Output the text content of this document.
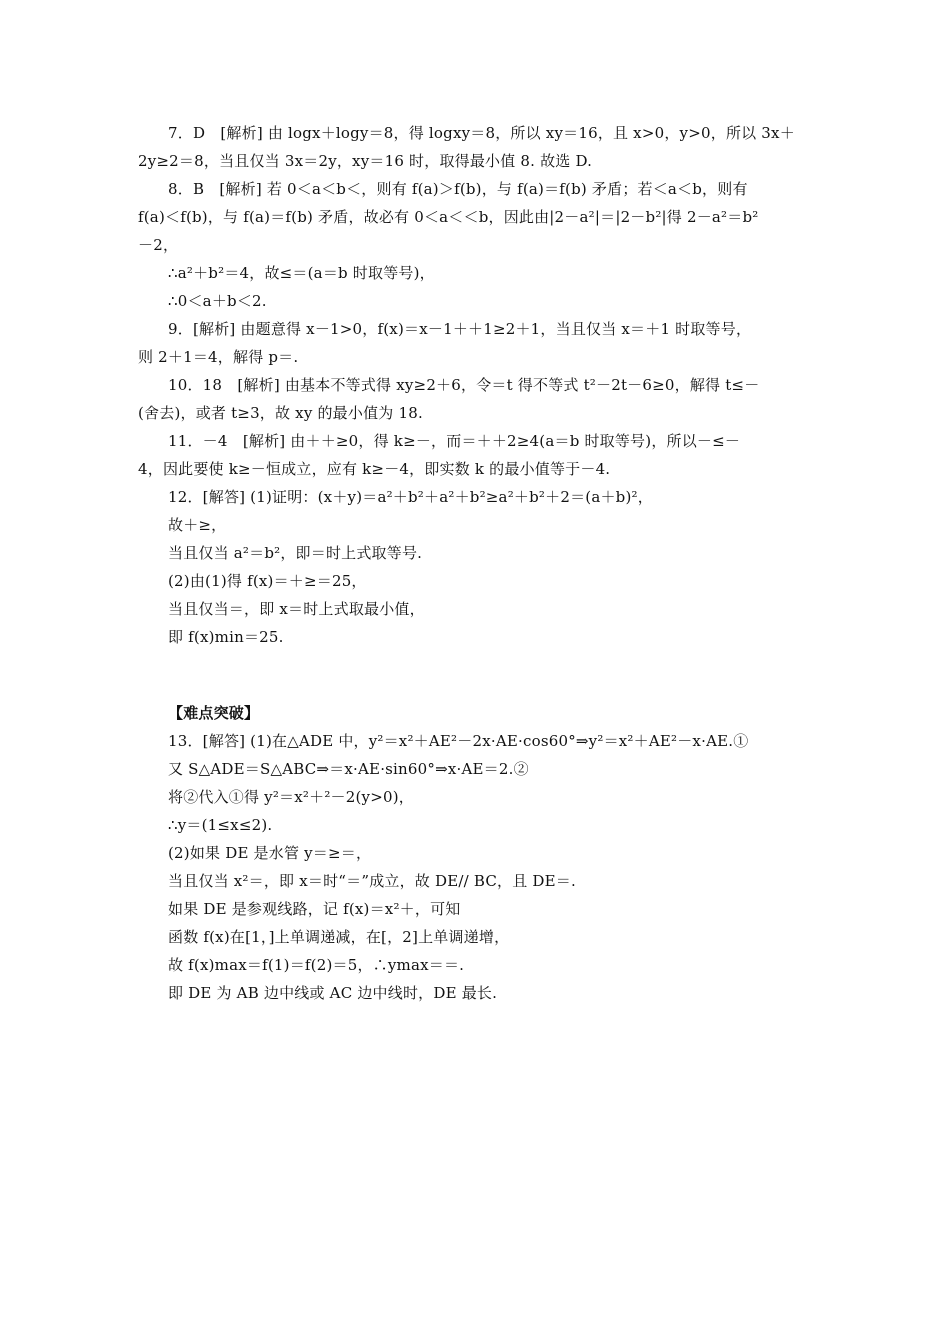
7．D　[解析] 由 logx＋logy＝8，得 logxy＝8，所以 xy＝16，且 x>0，y>0，所以 3x＋
2y≥2＝8，当且仅当 3x＝2y，xy＝16 时，取得最小值 8. 故选 D.
8．B　[解析] 若 0＜a＜b＜，则有 f(a)＞f(b)，与 f(a)＝f(b) 矛盾；若＜a＜b，则有
f(a)＜f(b)，与 f(a)＝f(b) 矛盾，故必有 0＜a＜＜b，因此由|2－a²|＝|2－b²|得 2－a²＝b²
－2，
∴a²＋b²＝4，故≤＝(a＝b 时取等号)，
∴0＜a＋b＜2.
9．[解析] 由题意得 x－1>0，f(x)＝x－1＋＋1≥2＋1，当且仅当 x＝＋1 时取等号，
则 2＋1＝4，解得 p＝.
10．18　[解析] 由基本不等式得 xy≥2＋6，令＝t 得不等式 t²－2t－6≥0，解得 t≤－
(舍去)，或者 t≥3，故 xy 的最小值为 18.
11．－4　[解析] 由＋＋≥0，得 k≥－，而＝＋＋2≥4(a＝b 时取等号)，所以－≤－
4，因此要使 k≥－恒成立，应有 k≥－4，即实数 k 的最小值等于－4.
12．[解答] (1)证明：(x＋y)＝a²＋b²＋a²＋b²≥a²＋b²＋2＝(a＋b)²，
故＋≥，
当且仅当 a²＝b²，即＝时上式取等号.
(2)由(1)得 f(x)＝＋≥＝25，
当且仅当＝，即 x＝时上式取最小值，
即 f(x)min＝25.
【难点突破】
13．[解答] (1)在△ADE 中，y²＝x²＋AE²－2x·AE·cos60°⇒y²＝x²＋AE²－x·AE.①
又 S△ADE＝S△ABC⇒＝x·AE·sin60°⇒x·AE＝2.②
将②代入①得 y²＝x²＋²－2(y>0)，
∴y＝(1≤x≤2).
(2)如果 DE 是水管 y＝≥＝，
当且仅当 x²＝，即 x＝时“＝”成立，故 DE// BC，且 DE＝.
如果 DE 是参观线路，记 f(x)＝x²＋，可知
函数 f(x)在[1，]上单调递减，在[，2]上单调递增，
故 f(x)max＝f(1)＝f(2)＝5，∴ymax＝＝.
即 DE 为 AB 边中线或 AC 边中线时，DE 最长.
